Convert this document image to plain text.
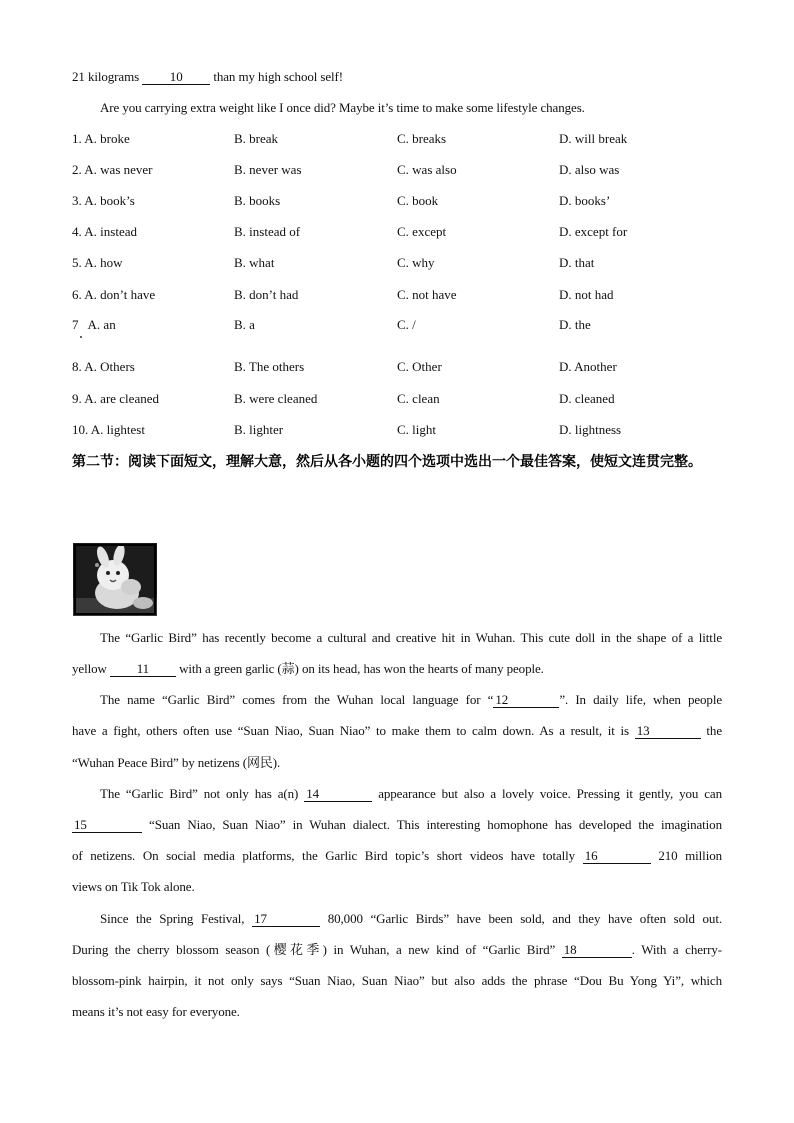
21 kilograms 10 than my high school self!
Are you carrying extra weight like I once did? Maybe it’s time to make some lifestyle changes.
1. A. broke	B. break	C. breaks	D. will break
2. A. was never	B. never was	C. was also	D. also was
3. A. book’s	B. books	C. book	D. books’
4. A. instead	B. instead of	C. except	D. except for
5. A. how	B. what	C. why	D. that
6. A. don’t have	B. don’t had	C. not have	D. not had
7   A. an	B. a	C. /	D. the
8. A. Others	B. The others	C. Other	D. Another
9. A. are cleaned	B. were cleaned	C. clean	D. cleaned
10. A. lightest	B. lighter	C. light	D. lightness
第二节：阅读下面短文，理解大意，然后从各小题的四个选项中选出一个最佳答案，使短文连贯完整。
The “Garlic Bird” has recently become a cultural and creative hit in Wuhan. This cute doll in the shape of a little
yellow 11 with a green garlic (蒜) on its head, has won the hearts of many people.
The name “Garlic Bird” comes from the Wuhan local language for “ 12	”. In daily life, when people
have a fight, others often use “Suan Niao, Suan Niao” to make them to calm down. As a result, it is 13	the
“Wuhan Peace Bird” by netizens (网民).
The “Garlic Bird” not only has a(n) 14	appearance but also a lovely voice. Pressing it gently, you can
15	“Suan Niao, Suan Niao” in Wuhan dialect. This interesting homophone has developed the imagination
of netizens. On social media platforms, the Garlic Bird topic’s short videos have totally 16	210 million
views on Tik Tok alone.
Since the Spring Festival, 17	80,000 “Garlic Birds” have been sold, and they have often sold out.
During the cherry blossom season (樱花季) in Wuhan, a new kind of “Garlic Bird” 18	. With a cherry-
blossom-pink hairpin, it not only says “Suan Niao, Suan Niao” but also adds the phrase “Dou Bu Yong Yi”, which
means it’s not easy for everyone.
